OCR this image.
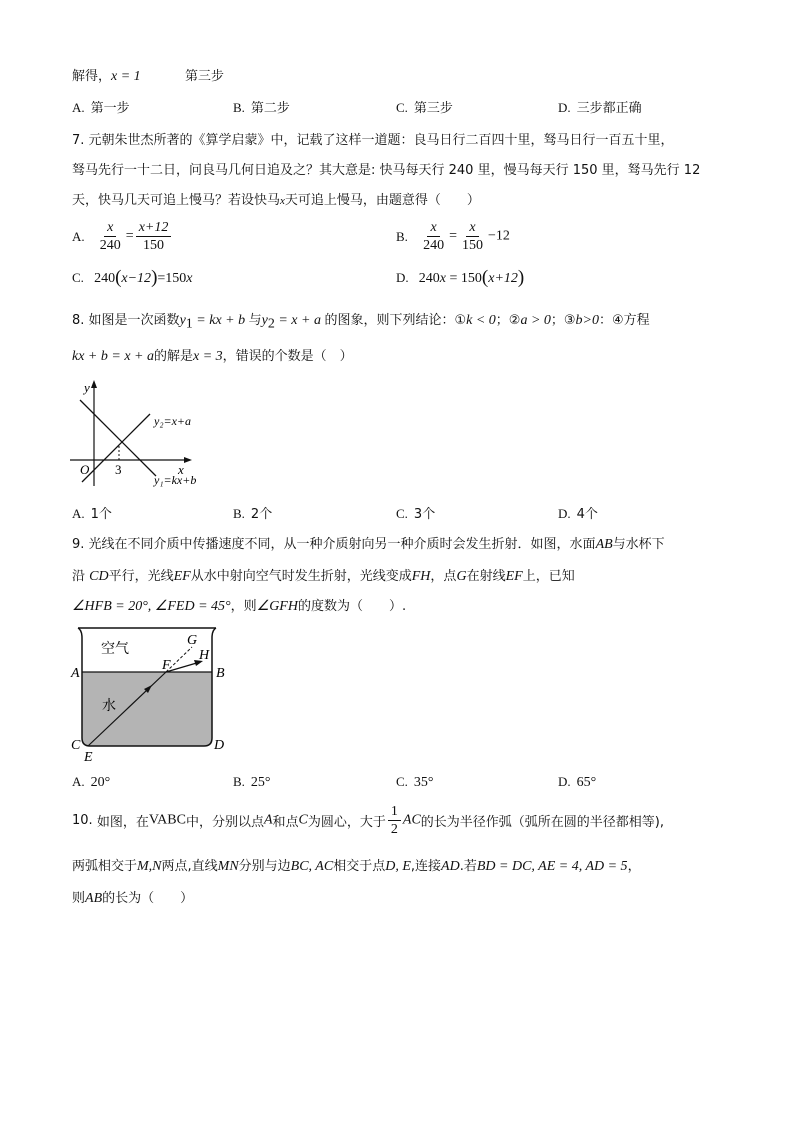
解得，x = 1	第三步
A. 第一步	B. 第二步	C. 第三步	D. 三步都正确
7. 元朝朱世杰所著的《算学启蒙》中，记载了这样一道题：良马日行二百四十里，驽马日行一百五十里，
驽马先行一十二日，问良马几何日追及之？其大意是: 快马每天行 240 里，慢马每天行 150 里，驽马先行 12
天，快马几天可追上慢马？若设快马x天可追上慢马，由题意得（　　）
A. $\frac{x}{240} = \frac{x+12}{150}$	B. $\frac{x}{240} = \frac{x}{150} -12$
C. 240(x−12)=150x	D. 240x = 150(x+12)
8. 如图是一次函数$y_1$ = kx + b 与$y_2 = x + a$ 的图象，则下列结论：①k < 0；②a > 0；③b>0：④方程
kx + b = x + a的解是x = 3，错误的个数是（　）
y
x
O 3
y₂=x+a
y₁=kx+b
A. 1个	B. 2个	C. 3个	D. 4个
9. 光线在不同介质中传播速度不同，从一种介质射向另一种介质时会发生折射．如图，水面AB与水杯下
沿 CD平行，光线EF从水中射向空气时发生折射，光线变成FH，点G在射线EF上，已知
∠HFB = 20°, ∠FED = 45°，则∠GFH的度数为（　　）.
空气
水
A	B
C	D
E
F
G
H
A. 20°	B. 25°	C. 35°	D. 65°
10. 如图，在VABC中，分别以点A和点C为圆心，大于 $\frac{1}{2}$ AC的长为半径作弧（弧所在圆的半径都相等),
两弧相交于M,N两点,直线MN分别与边BC, AC相交于点D, E,连接AD.若BD = DC, AE = 4, AD = 5，
则AB的长为（　　）
